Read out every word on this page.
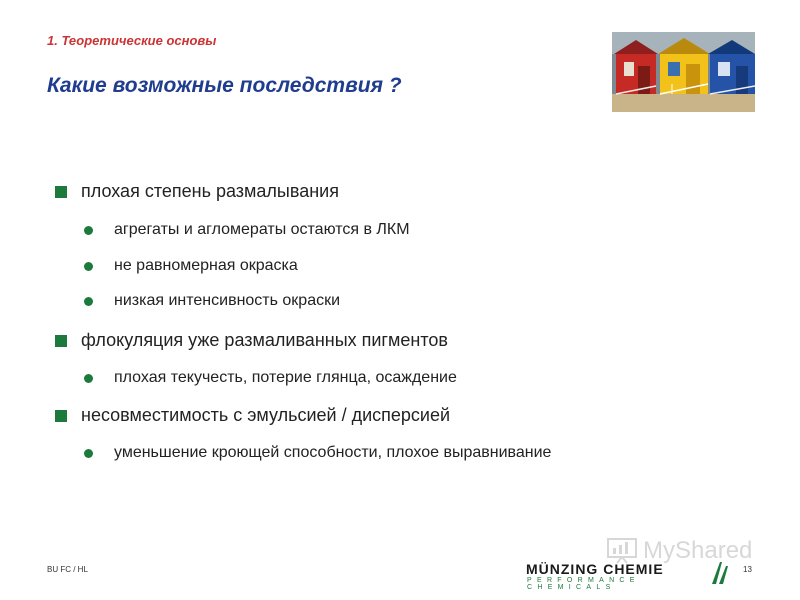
1. Теоретические основы
Какие возможные последствия ?
плохая степень размалывания
агрегаты и агломераты остаются в ЛКМ
не равномерная окраска
низкая интенсивность окраски
флокуляция уже размаливанных пигментов
плохая текучесть, потерие глянца, осаждение
несовместимость с эмульсией / дисперсией
уменьшение кроющей способности, плохое выравнивание
BU FC / HL
MyShared
MÜNZING CHEMIE
PERFORMANCE CHEMICALS
13
